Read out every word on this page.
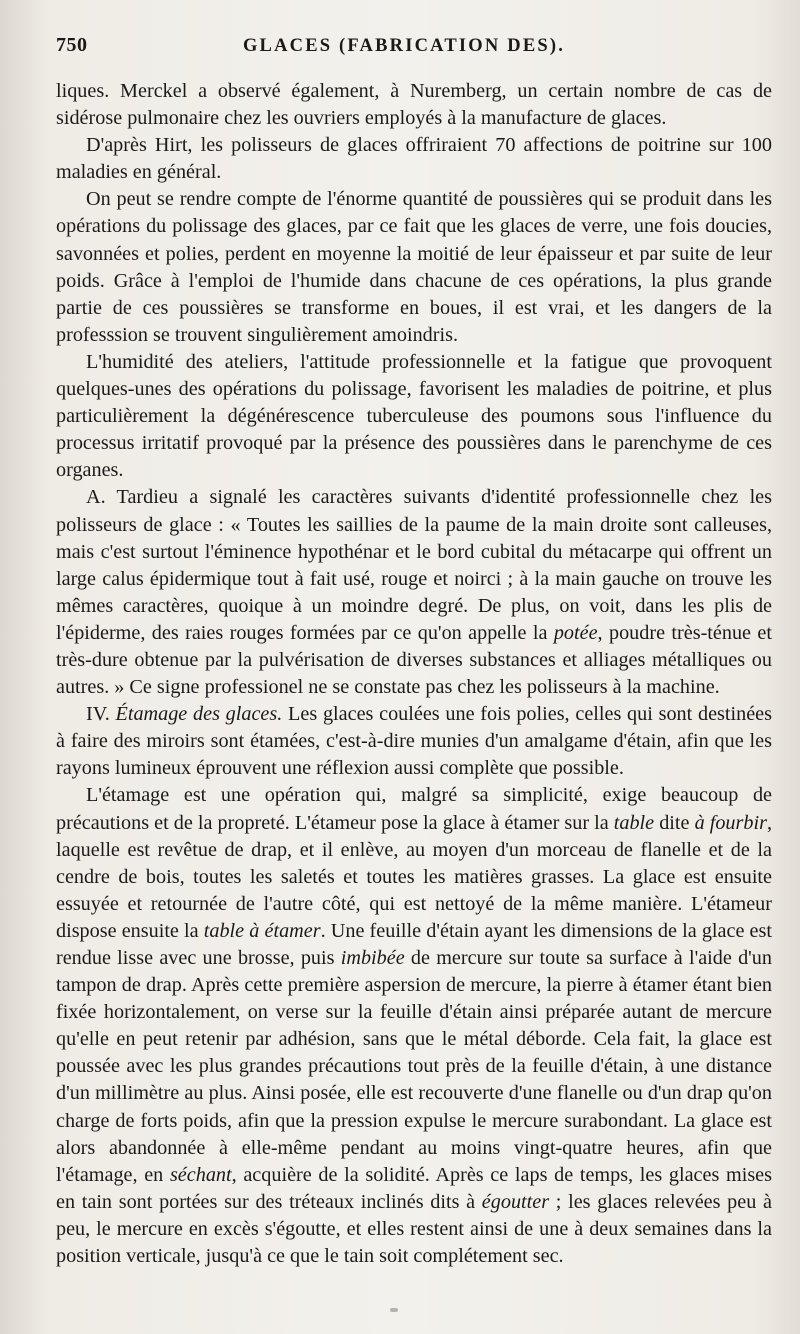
750	GLACES (FABRICATION DES).

liques. Merckel a observé également, à Nuremberg, un certain nombre de cas de sidérose pulmonaire chez les ouvriers employés à la manufacture de glaces.

D'après Hirt, les polisseurs de glaces offriraient 70 affections de poitrine sur 100 maladies en général.

On peut se rendre compte de l'énorme quantité de poussières qui se produit dans les opérations du polissage des glaces, par ce fait que les glaces de verre, une fois doucies, savonnées et polies, perdent en moyenne la moitié de leur épaisseur et par suite de leur poids. Grâce à l'emploi de l'humide dans chacune de ces opérations, la plus grande partie de ces poussières se transforme en boues, il est vrai, et les dangers de la professsion se trouvent singulièrement amoindris.

L'humidité des ateliers, l'attitude professionnelle et la fatigue que provoquent quelques-unes des opérations du polissage, favorisent les maladies de poitrine, et plus particulièrement la dégénérescence tuberculeuse des poumons sous l'influence du processus irritatif provoqué par la présence des poussières dans le parenchyme de ces organes.

A. Tardieu a signalé les caractères suivants d'identité professionnelle chez les polisseurs de glace : « Toutes les saillies de la paume de la main droite sont calleuses, mais c'est surtout l'éminence hypothénar et le bord cubital du métacarpe qui offrent un large calus épidermique tout à fait usé, rouge et noirci ; à la main gauche on trouve les mêmes caractères, quoique à un moindre degré. De plus, on voit, dans les plis de l'épiderme, des raies rouges formées par ce qu'on appelle la potée, poudre très-ténue et très-dure obtenue par la pulvérisation de diverses substances et alliages métalliques ou autres. » Ce signe professionel ne se constate pas chez les polisseurs à la machine.

IV. Étamage des glaces. Les glaces coulées une fois polies, celles qui sont destinées à faire des miroirs sont étamées, c'est-à-dire munies d'un amalgame d'étain, afin que les rayons lumineux éprouvent une réflexion aussi complète que possible.

L'étamage est une opération qui, malgré sa simplicité, exige beaucoup de précautions et de la propreté. L'étameur pose la glace à étamer sur la table dite à fourbir, laquelle est revêtue de drap, et il enlève, au moyen d'un morceau de flanelle et de la cendre de bois, toutes les saletés et toutes les matières grasses. La glace est ensuite essuyée et retournée de l'autre côté, qui est nettoyé de la même manière. L'étameur dispose ensuite la table à étamer. Une feuille d'étain ayant les dimensions de la glace est rendue lisse avec une brosse, puis imbibée de mercure sur toute sa surface à l'aide d'un tampon de drap. Après cette première aspersion de mercure, la pierre à étamer étant bien fixée horizontalement, on verse sur la feuille d'étain ainsi préparée autant de mercure qu'elle en peut retenir par adhésion, sans que le métal déborde. Cela fait, la glace est poussée avec les plus grandes précautions tout près de la feuille d'étain, à une distance d'un millimètre au plus. Ainsi posée, elle est recouverte d'une flanelle ou d'un drap qu'on charge de forts poids, afin que la pression expulse le mercure surabondant. La glace est alors abandonnée à elle-même pendant au moins vingt-quatre heures, afin que l'étamage, en séchant, acquière de la solidité. Après ce laps de temps, les glaces mises en tain sont portées sur des tréteaux inclinés dits à égoutter ; les glaces relevées peu à peu, le mercure en excès s'égoutte, et elles restent ainsi de une à deux semaines dans la position verticale, jusqu'à ce que le tain soit complétement sec.
